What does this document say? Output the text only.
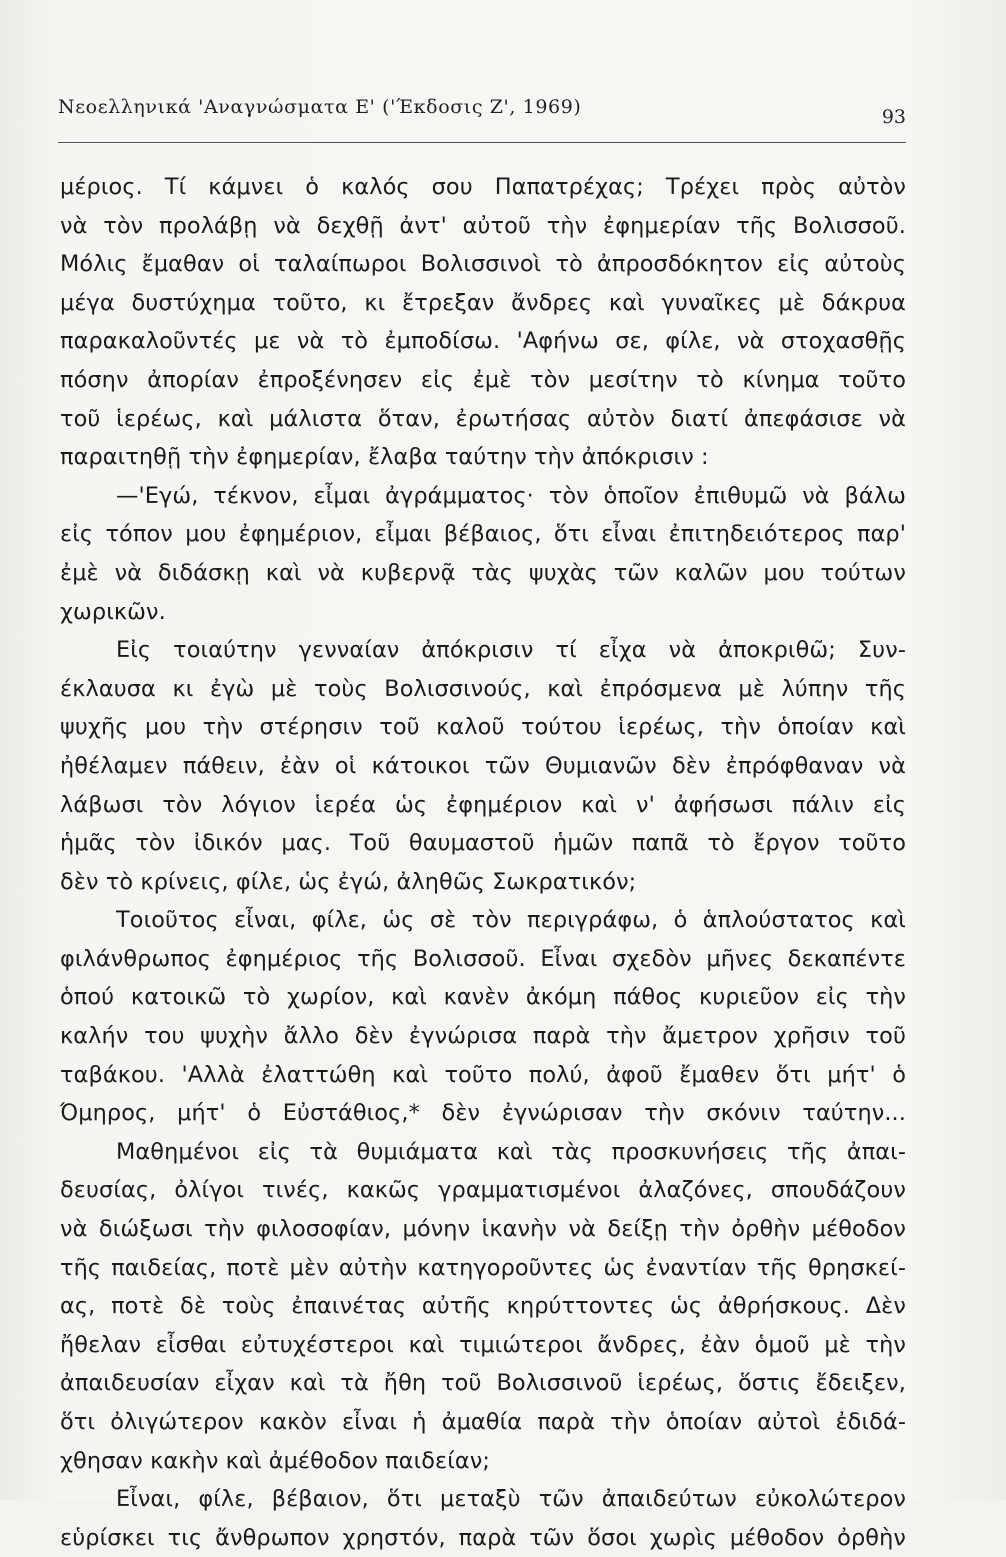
Νεοελληνικά 'Αναγνώσματα Ε' ('Έκδοσις Ζ', 1969)	93
μέριος. Τί κάμνει ὁ καλός σου Παπατρέχας; Τρέχει πρὸς αὐτὸν
νὰ τὸν προλάβῃ νὰ δεχθῇ ἀντ' αὐτοῦ τὴν ἐφημερίαν τῆς Βολισσοῦ.
Μόλις ἔμαθαν οἱ ταλαίπωροι Βολισσινοὶ τὸ ἀπροσδόκητον εἰς αὐτοὺς
μέγα δυστύχημα τοῦτο, κι ἔτρεξαν ἄνδρες καὶ γυναῖκες μὲ δάκρυα
παρακαλοῦντές με νὰ τὸ ἐμποδίσω. 'Αφήνω σε, φίλε, νὰ στοχασθῇς
πόσην ἀπορίαν ἐπροξένησεν εἰς ἐμὲ τὸν μεσίτην τὸ κίνημα τοῦτο
τοῦ ἱερέως, καὶ μάλιστα ὅταν, ἐρωτήσας αὐτὸν διατί ἀπεφάσισε νὰ
παραιτηθῇ τὴν ἐφημερίαν, ἔλαβα ταύτην τὴν ἀπόκρισιν :
—'Εγώ, τέκνον, εἶμαι ἀγράμματος· τὸν ὁποῖον ἐπιθυμῶ νὰ βάλω
εἰς τόπον μου ἐφημέριον, εἶμαι βέβαιος, ὅτι εἶναι ἐπιτηδειότερος παρ'
ἐμὲ νὰ διδάσκῃ καὶ νὰ κυβερνᾷ τὰς ψυχὰς τῶν καλῶν μου τούτων
χωρικῶν.
Εἰς τοιαύτην γενναίαν ἀπόκρισιν τί εἶχα νὰ ἀποκριθῶ; Συν-
έκλαυσα κι ἐγὼ μὲ τοὺς Βολισσινούς, καὶ ἐπρόσμενα μὲ λύπην τῆς
ψυχῆς μου τὴν στέρησιν τοῦ καλοῦ τούτου ἱερέως, τὴν ὁποίαν καὶ
ἠθέλαμεν πάθειν, ἐὰν οἱ κάτοικοι τῶν Θυμιανῶν δὲν ἐπρόφθαναν νὰ
λάβωσι τὸν λόγιον ἱερέα ὡς ἐφημέριον καὶ ν' ἀφήσωσι πάλιν εἰς
ἡμᾶς τὸν ἰδικόν μας. Τοῦ θαυμαστοῦ ἡμῶν παπᾶ τὸ ἔργον τοῦτο
δὲν τὸ κρίνεις, φίλε, ὡς ἐγώ, ἀληθῶς Σωκρατικόν;
Τοιοῦτος εἶναι, φίλε, ὡς σὲ τὸν περιγράφω, ὁ ἁπλούστατος καὶ
φιλάνθρωπος ἐφημέριος τῆς Βολισσοῦ. Εἶναι σχεδὸν μῆνες δεκαπέντε
ὁπού κατοικῶ τὸ χωρίον, καὶ κανὲν ἀκόμη πάθος κυριεῦον εἰς τὴν
καλήν του ψυχὴν ἄλλο δὲν ἐγνώρισα παρὰ τὴν ἄμετρον χρῆσιν τοῦ
ταβάκου. 'Αλλὰ ἐλαττώθη καὶ τοῦτο πολύ, ἀφοῦ ἔμαθεν ὅτι μήτ' ὁ
Όμηρος, μήτ' ὁ Εὐστάθιος,* δὲν ἐγνώρισαν τὴν σκόνιν ταύτην...
Μαθημένοι εἰς τὰ θυμιάματα καὶ τὰς προσκυνήσεις τῆς ἀπαι-
δευσίας, ὀλίγοι τινές, κακῶς γραμματισμένοι ἀλαζόνες, σπουδάζουν
νὰ διώξωσι τὴν φιλοσοφίαν, μόνην ἱκανὴν νὰ δείξῃ τὴν ὀρθὴν μέθοδον
τῆς παιδείας, ποτὲ μὲν αὐτὴν κατηγοροῦντες ὡς ἐναντίαν τῆς θρησκεί-
ας, ποτὲ δὲ τοὺς ἐπαινέτας αὐτῆς κηρύττοντες ὡς ἀθρήσκους. Δὲν
ἤθελαν εἶσθαι εὐτυχέστεροι καὶ τιμιώτεροι ἄνδρες, ἐὰν ὁμοῦ μὲ τὴν
ἀπαιδευσίαν εἶχαν καὶ τὰ ἤθη τοῦ Βολισσινοῦ ἱερέως, ὅστις ἔδειξεν,
ὅτι ὀλιγώτερον κακὸν εἶναι ἡ ἀμαθία παρὰ τὴν ὁποίαν αὐτοὶ ἐδιδά-
χθησαν κακὴν καὶ ἀμέθοδον παιδείαν;
Εἶναι, φίλε, βέβαιον, ὅτι μεταξὺ τῶν ἀπαιδεύτων εὐκολώτερον
εὑρίσκει τις ἄνθρωπον χρηστόν, παρὰ τῶν ὅσοι χωρὶς μέθοδον ὀρθὴν
